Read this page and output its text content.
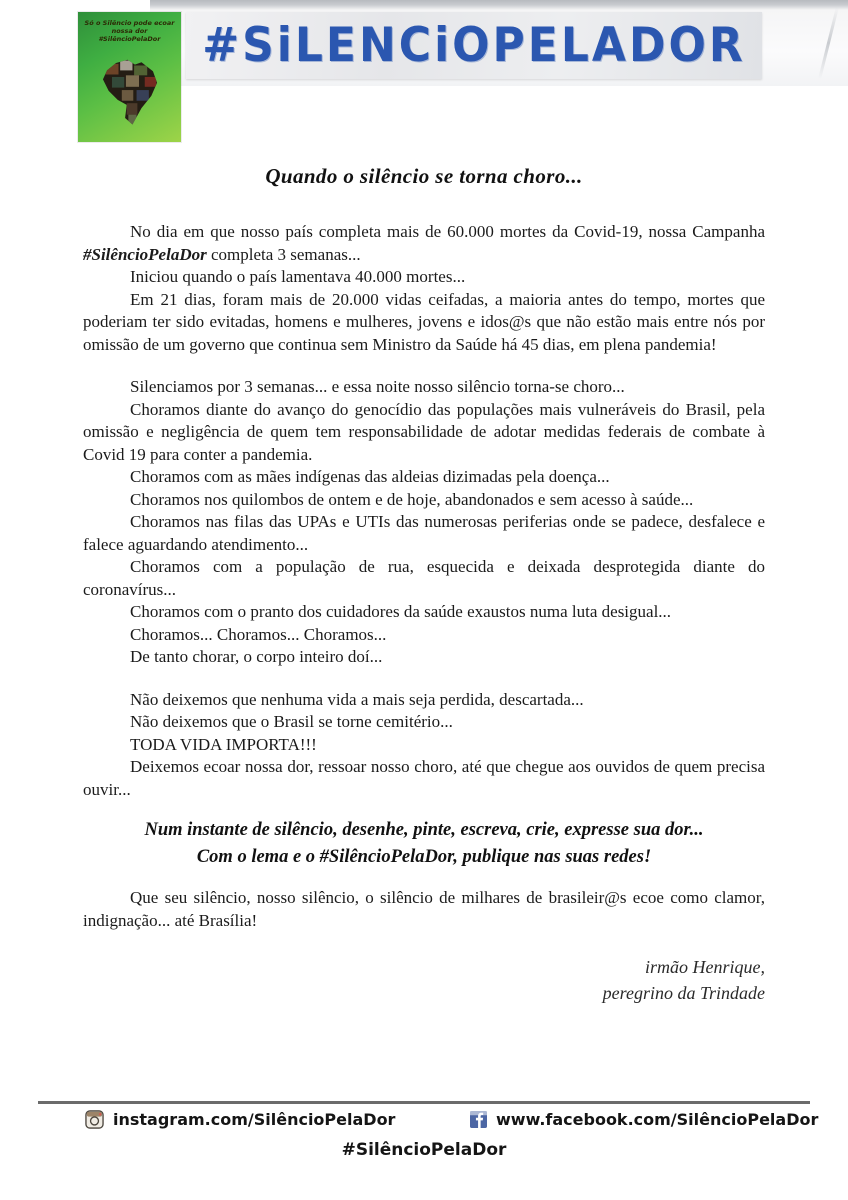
#SiLENCiOPELADOR
Só o Silêncio pode ecoar nossa dor
#SilêncioPelaDor
Quando o silêncio se torna choro...

No dia em que nosso país completa mais de 60.000 mortes da Covid-19, nossa Campanha #SilêncioPelaDor completa 3 semanas...

Iniciou quando o país lamentava 40.000 mortes...

Em 21 dias, foram mais de 20.000 vidas ceifadas, a maioria antes do tempo, mortes que poderiam ter sido evitadas, homens e mulheres, jovens e idos@s que não estão mais entre nós por omissão de um governo que continua sem Ministro da Saúde há 45 dias, em plena pandemia!

Silenciamos por 3 semanas... e essa noite nosso silêncio torna-se choro...

Choramos diante do avanço do genocídio das populações mais vulneráveis do Brasil, pela omissão e negligência de quem tem responsabilidade de adotar medidas federais de combate à Covid 19 para conter a pandemia.

Choramos com as mães indígenas das aldeias dizimadas pela doença...

Choramos nos quilombos de ontem e de hoje, abandonados e sem acesso à saúde...

Choramos nas filas das UPAs e UTIs das numerosas periferias onde se padece, desfalece e falece aguardando atendimento...

Choramos com a população de rua, esquecida e deixada desprotegida diante do coronavírus...

Choramos com o pranto dos cuidadores da saúde exaustos numa luta desigual...

Choramos... Choramos... Choramos...

De tanto chorar, o corpo inteiro doí...

Não deixemos que nenhuma vida a mais seja perdida, descartada...

Não deixemos que o Brasil se torne cemitério...

TODA VIDA IMPORTA!!!

Deixemos ecoar nossa dor, ressoar nosso choro, até que chegue aos ouvidos de quem precisa ouvir...

Num instante de silêncio, desenhe, pinte, escreva, crie, expresse sua dor...
Com o lema e o #SilêncioPelaDor, publique nas suas redes!

Que seu silêncio, nosso silêncio, o silêncio de milhares de brasileir@s ecoe como clamor, indignação... até Brasília!

irmão Henrique,
peregrino da Trindade
instagram.com/SilêncioPelaDor	www.facebook.com/SilêncioPelaDor
#SilêncioPelaDor
